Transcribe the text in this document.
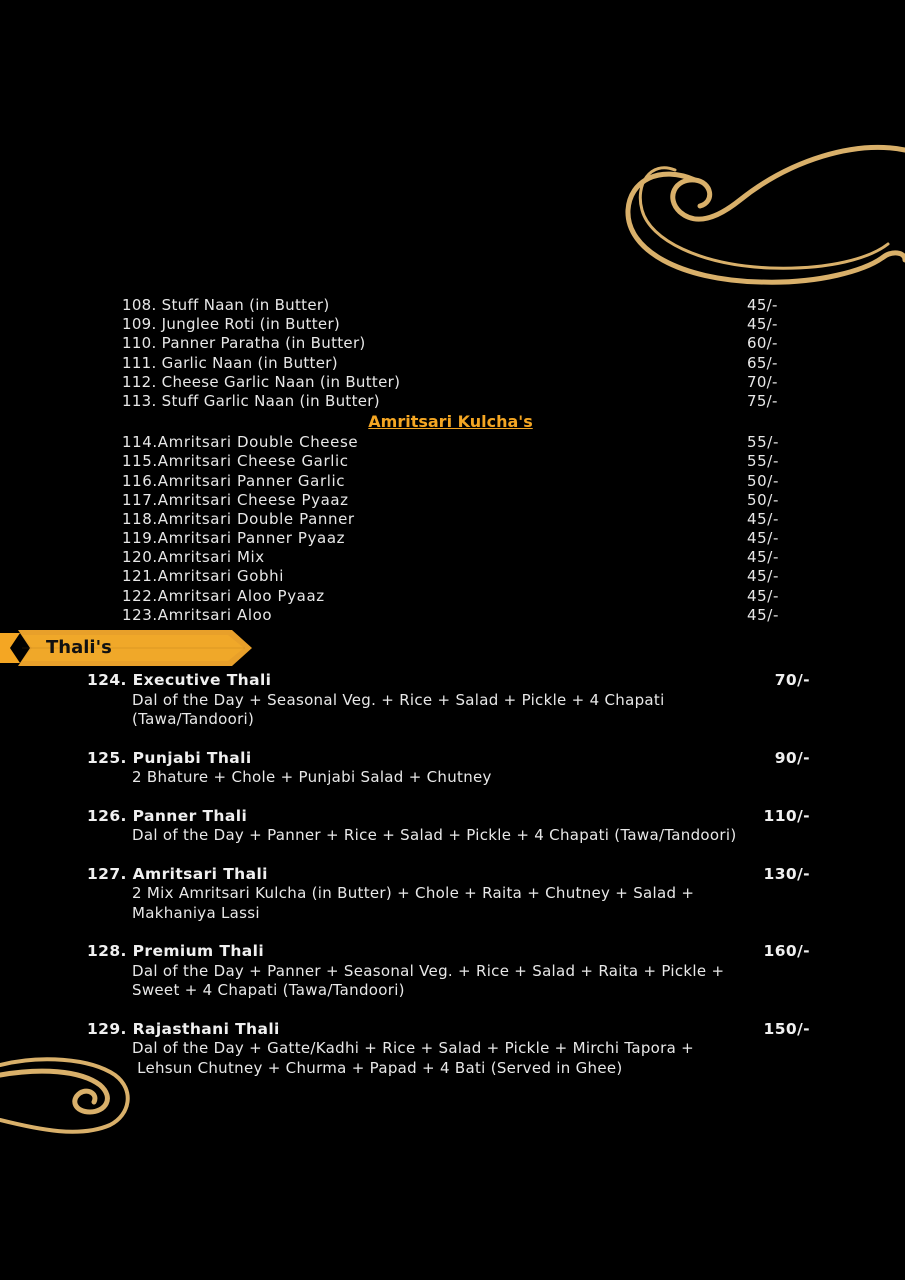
108. Stuff Naan (in Butter)	45/-
109. Junglee Roti (in Butter)	45/-
110. Panner Paratha (in Butter)	60/-
111. Garlic Naan (in Butter)	65/-
112. Cheese Garlic Naan (in Butter)	70/-
113. Stuff Garlic Naan (in Butter)	75/-
Amritsari Kulcha's
114.Amritsari Double Cheese	55/-
115.Amritsari Cheese Garlic	55/-
116.Amritsari Panner Garlic	50/-
117.Amritsari Cheese Pyaaz	50/-
118.Amritsari Double Panner	45/-
119.Amritsari Panner Pyaaz	45/-
120.Amritsari Mix	45/-
121.Amritsari Gobhi	45/-
122.Amritsari Aloo Pyaaz	45/-
123.Amritsari Aloo	45/-
Thali's
124. Executive Thali	70/-
Dal of the Day + Seasonal Veg. + Rice + Salad + Pickle + 4 Chapati
(Tawa/Tandoori)
125. Punjabi Thali	90/-
2 Bhature + Chole + Punjabi Salad + Chutney
126. Panner Thali	110/-
Dal of the Day + Panner + Rice + Salad + Pickle + 4 Chapati (Tawa/Tandoori)
127. Amritsari Thali	130/-
2 Mix Amritsari Kulcha (in Butter) + Chole + Raita + Chutney + Salad +
Makhaniya Lassi
128. Premium Thali	160/-
Dal of the Day + Panner + Seasonal Veg. + Rice + Salad + Raita + Pickle +
Sweet + 4 Chapati (Tawa/Tandoori)
129. Rajasthani Thali	150/-
Dal of the Day + Gatte/Kadhi + Rice + Salad + Pickle + Mirchi Tapora +
Lehsun Chutney + Churma + Papad + 4 Bati (Served in Ghee)
